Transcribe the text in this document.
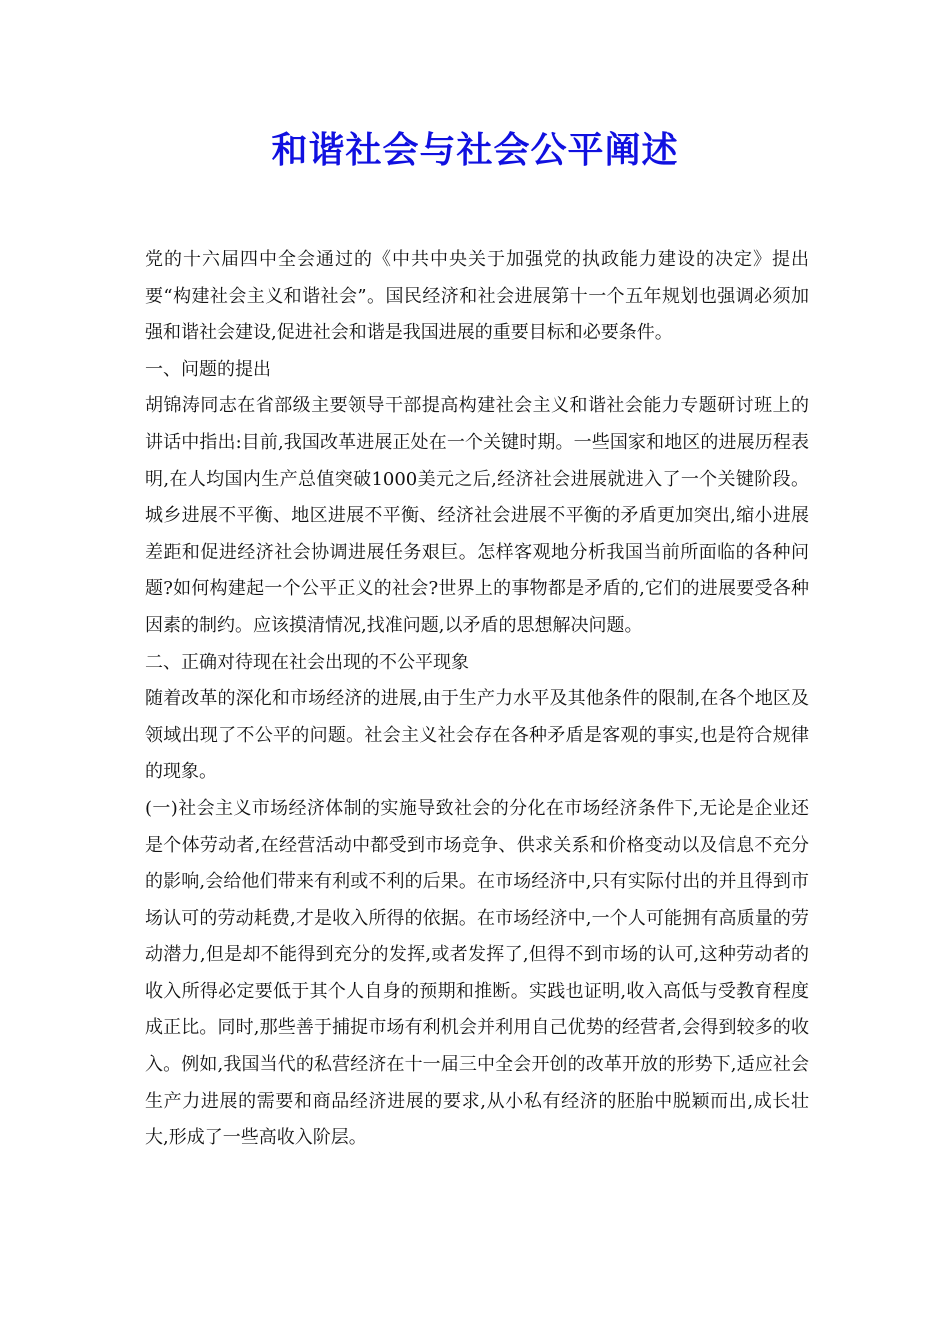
和谐社会与社会公平阐述

党的十六届四中全会通过的《中共中央关于加强党的执政能力建设的决定》提出要“构建社会主义和谐社会”。国民经济和社会进展第十一个五年规划也强调必须加强和谐社会建设,促进社会和谐是我国进展的重要目标和必要条件。

一、问题的提出

胡锦涛同志在省部级主要领导干部提高构建社会主义和谐社会能力专题研讨班上的讲话中指出:目前,我国改革进展正处在一个关键时期。一些国家和地区的进展历程表明,在人均国内生产总值突破1000美元之后,经济社会进展就进入了一个关键阶段。城乡进展不平衡、地区进展不平衡、经济社会进展不平衡的矛盾更加突出,缩小进展差距和促进经济社会协调进展任务艰巨。怎样客观地分析我国当前所面临的各种问题?如何构建起一个公平正义的社会?世界上的事物都是矛盾的,它们的进展要受各种因素的制约。应该摸清情况,找准问题,以矛盾的思想解决问题。

二、正确对待现在社会出现的不公平现象

随着改革的深化和市场经济的进展,由于生产力水平及其他条件的限制,在各个地区及领域出现了不公平的问题。社会主义社会存在各种矛盾是客观的事实,也是符合规律的现象。

(一)社会主义市场经济体制的实施导致社会的分化在市场经济条件下,无论是企业还是个体劳动者,在经营活动中都受到市场竞争、供求关系和价格变动以及信息不充分的影响,会给他们带来有利或不利的后果。在市场经济中,只有实际付出的并且得到市场认可的劳动耗费,才是收入所得的依据。在市场经济中,一个人可能拥有高质量的劳动潜力,但是却不能得到充分的发挥,或者发挥了,但得不到市场的认可,这种劳动者的收入所得必定要低于其个人自身的预期和推断。实践也证明,收入高低与受教育程度成正比。同时,那些善于捕捉市场有利机会并利用自己优势的经营者,会得到较多的收入。例如,我国当代的私营经济在十一届三中全会开创的改革开放的形势下,适应社会生产力进展的需要和商品经济进展的要求,从小私有经济的胚胎中脱颖而出,成长壮大,形成了一些高收入阶层。
